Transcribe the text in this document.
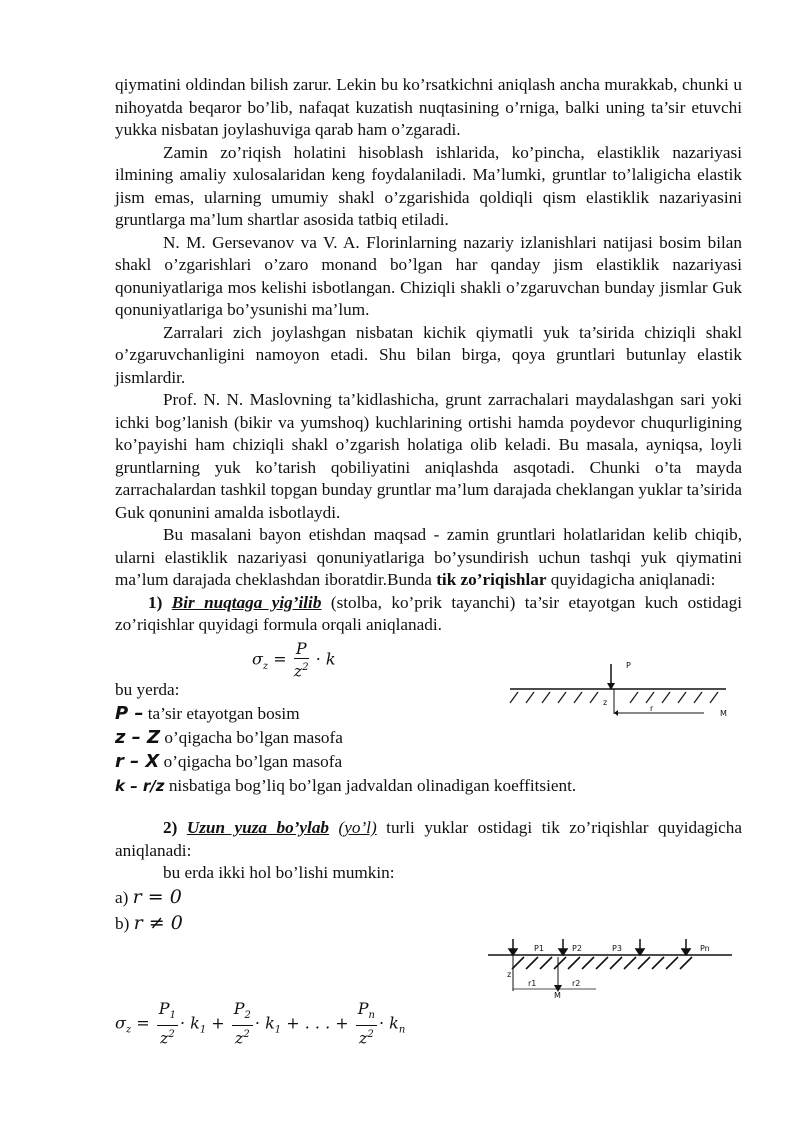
qiymatini oldindan bilish zarur. Lekin bu ko’rsatkichni aniqlash ancha murakkab, chunki u nihoyatda beqaror bo’lib, nafaqat kuzatish nuqtasining o’rniga, balki uning ta’sir etuvchi yukka nisbatan joylashuviga qarab ham o’zgaradi.

Zamin zo’riqish holatini hisoblash ishlarida, ko’pincha, elastiklik nazariyasi ilmining amaliy xulosalaridan keng foydalaniladi. Ma’lumki, gruntlar to’laligicha elastik jism emas, ularning umumiy shakl o’zgarishida qoldiqli qism elastiklik nazariyasini gruntlarga ma’lum shartlar asosida tatbiq etiladi.

N. M. Gersevanov va V. A. Florinlarning nazariy izlanishlari natijasi bosim bilan shakl o’zgarishlari o’zaro monand bo’lgan har qanday jism elastiklik nazariyasi qonuniyatlariga mos kelishi isbotlangan. Chiziqli shakli o’zgaruvchan bunday jismlar Guk qonuniyatlariga bo’ysunishi ma’lum.

Zarralari zich joylashgan nisbatan kichik qiymatli yuk ta’sirida chiziqli shakl o’zgaruvchanligini namoyon etadi. Shu bilan birga, qoya gruntlari butunlay elastik jismlardir.

Prof. N. N. Maslovning ta’kidlashicha, grunt zarrachalari maydalashgan sari yoki ichki bog’lanish (bikir va yumshoq) kuchlarining ortishi hamda poydevor chuqurligining ko’payishi ham chiziqli shakl o’zgarish holatiga olib keladi. Bu masala, ayniqsa, loyli gruntlarning yuk ko’tarish qobiliyatini aniqlashda asqotadi. Chunki o’ta mayda zarrachalardan tashkil topgan bunday gruntlar ma’lum darajada cheklangan yuklar ta’sirida Guk qonunini amalda isbotlaydi.

Bu masalani bayon etishdan maqsad - zamin gruntlari holatlaridan kelib chiqib, ularni elastiklik nazariyasi qonuniyatlariga bo’ysundirish uchun tashqi yuk qiymatini ma’lum darajada cheklashdan iboratdir.Bunda tik zo’riqishlar quyidagicha aniqlanadi:

1) Bir nuqtaga yig’ilib (stolba, ko’prik tayanchi) ta’sir etayotgan kuch ostidagi zo’riqishlar quyidagi formula orqali aniqlanadi.

$\sigma_z = \frac{P}{z^2} \cdot k$
bu yerda:
P – ta’sir etayotgan bosim
z – Z o’qigacha bo’lgan masofa
r – X o’qigacha bo’lgan masofa
k – r/z nisbatiga bog’liq bo’lgan jadvaldan olinadigan koeffitsient.
P
z
r
M

2) Uzun yuza bo’ylab (yo’l) turli yuklar ostidagi tik zo’riqishlar quyidagicha aniqlanadi:

bu erda ikki hol bo’lishi mumkin:

a) r = 0
b) r ≠ 0
P1	P2	P3	Pn
z
r1	r2
M
$\sigma_z = \frac{P_1}{z^2} \cdot k_1 + \frac{P_2}{z^2} \cdot k_1$ + . . . + $\frac{P_n}{z^2} \cdot k_n$
